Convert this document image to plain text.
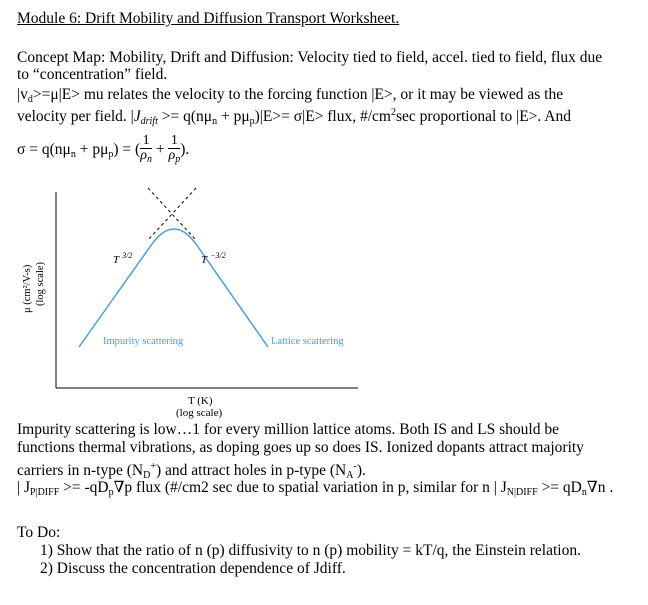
Module 6: Drift Mobility and Diffusion Transport Worksheet.
Concept Map: Mobility, Drift and Diffusion: Velocity tied to field, accel. tied to field, flux due
to “concentration” field.
$|v_d>=\mu|E>$ mu relates the velocity to the forcing function |E>, or it may be viewed as the
velocity per field. $|J_{drift} >= q(n\mu_n + p\mu_p)|E>= \sigma|E>$ flux, $\#/cm^2\sec$ proportional to |E>. And
$\sigma = q(n\mu_n + p\mu_p)$ = ( $\frac{1}{\rho_n} + \frac{1}{\rho_p}$ ).
T $^{3/2}$	T $^{-3/2}$
Impurity scattering	Lattice scattering
μ (cm²/V-s) (log scale)
T (K)
(log scale)
Impurity scattering is low…1 for every million lattice atoms. Both IS and LS should be
functions thermal vibrations, as doping goes up so does IS. Ionized dopants attract majority
carriers in n-type $(N_D^+)$ and attract holes in p-type $(N_A^-)$.
| $J_{P|DIFF} >= -qD_p\nabla p$ flux (#/cm2 sec due to spatial variation in p, similar for n | $J_{N|DIFF} >= qD_n\nabla n$ .
To Do:
1) Show that the ratio of n (p) diffusivity to n (p) mobility = kT/q, the Einstein relation.
2) Discuss the concentration dependence of Jdiff.
